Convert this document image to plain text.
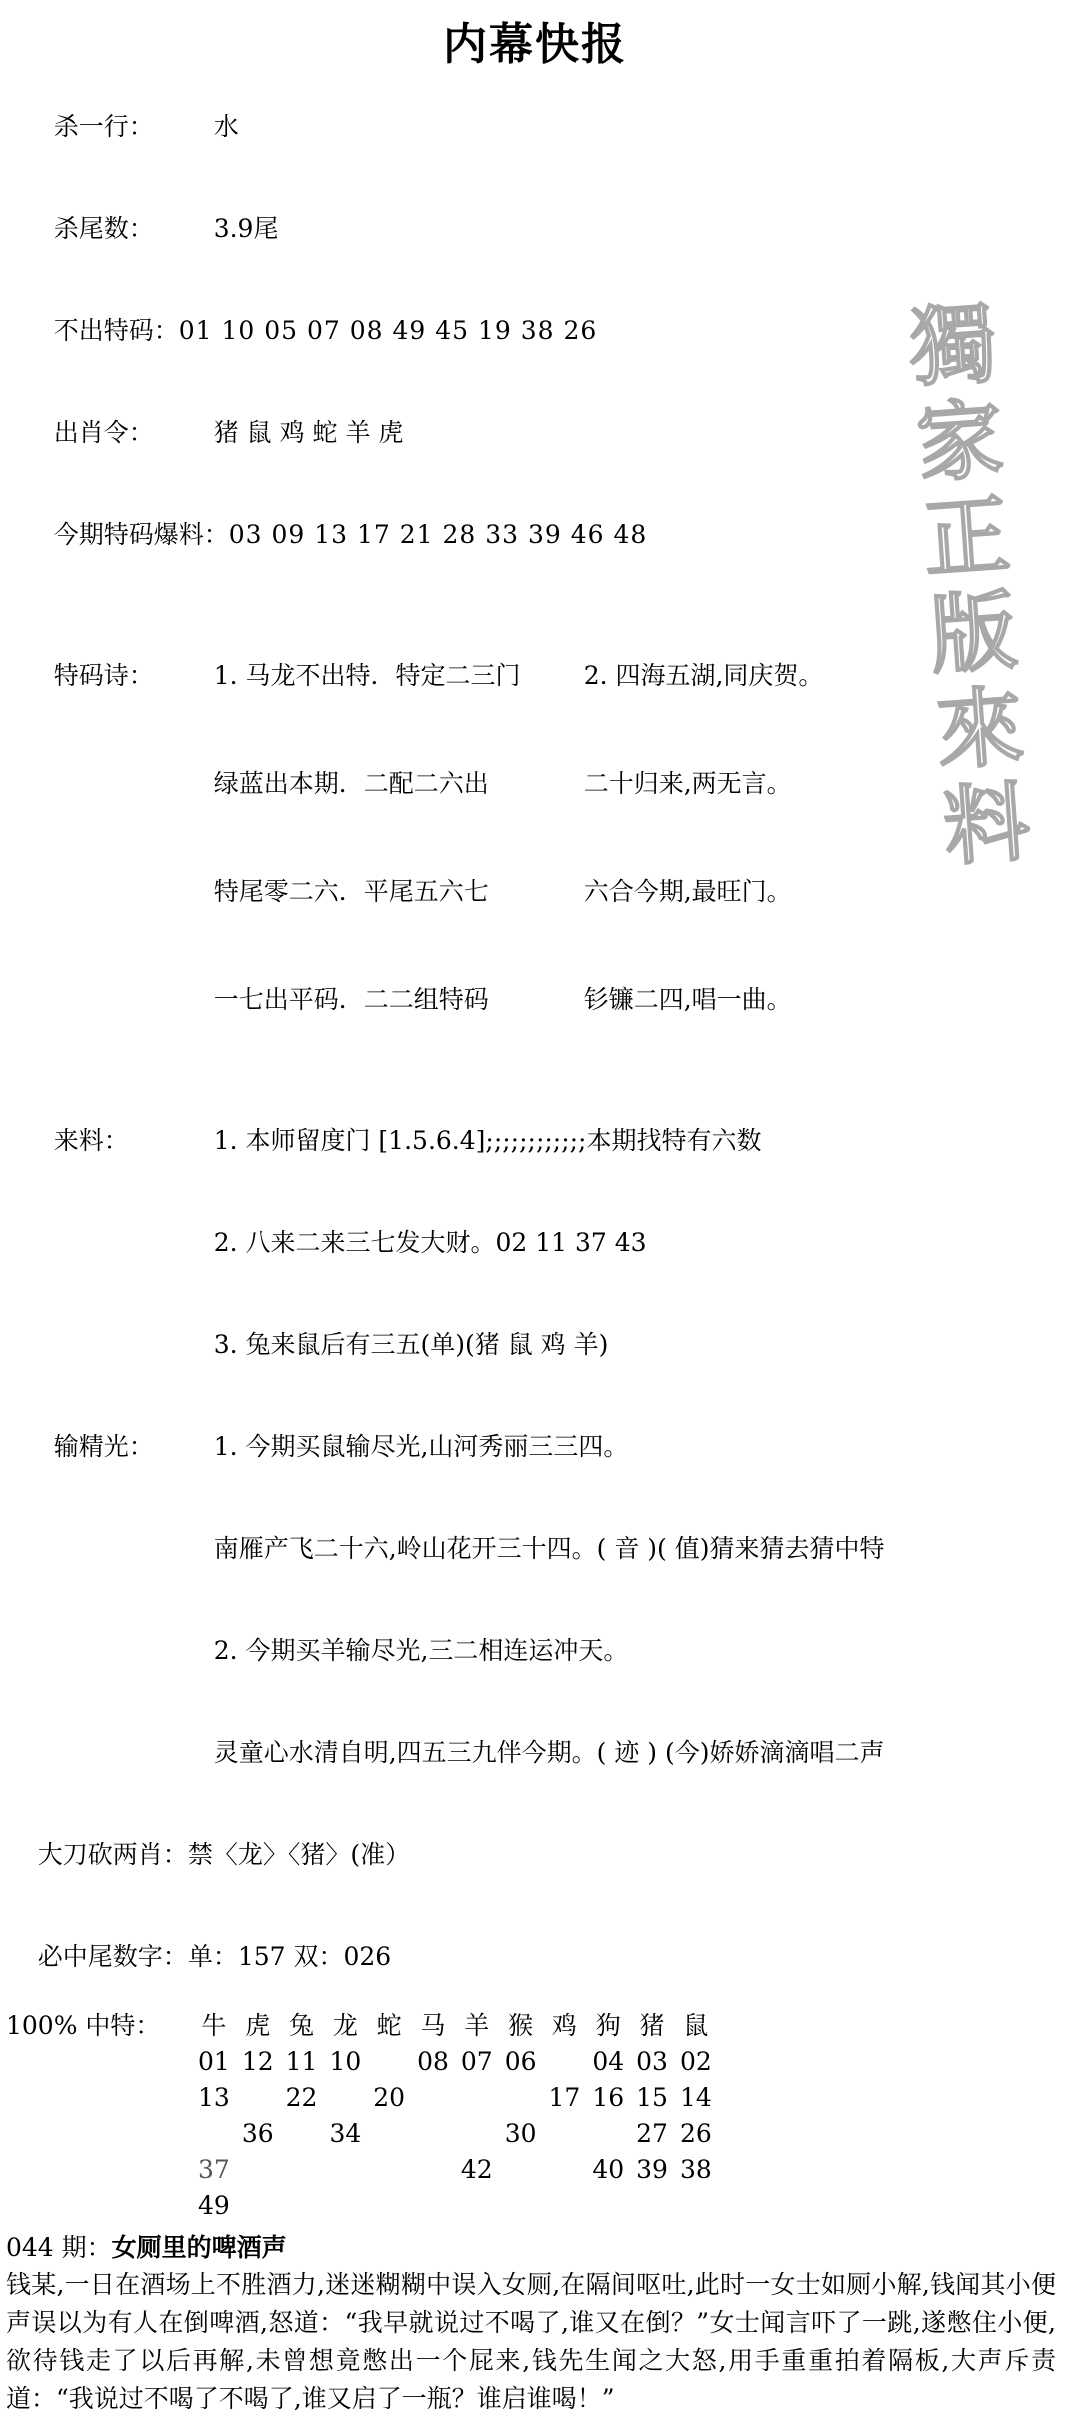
獨
家
正
版
來
料
内幕快报

杀一行： 水

杀尾数： 3.9尾

不出特码：01 10 05 07 08 49 45 19 38 26

出肖令： 猪 鼠 鸡 蛇 羊 虎

今期特码爆料：03 09 13 17 21 28 33 39 46 48

特码诗： 1. 马龙不出特．特定二三门	2. 四海五湖,同庆贺。

绿蓝出本期．二配二六出	二十归来,两无言。

特尾零二六．平尾五六七	六合今期,最旺门。

一七出平码．二二组特码	钐镰二四,唱一曲。

来料：	1. 本师留度门 [1.5.6.4];;;;;;;;;;;;本期找特有六数

2. 八来二来三七发大财。02 11 37 43

3. 兔来鼠后有三五(单)(猪 鼠 鸡 羊)

输精光： 1. 今期买鼠输尽光,山河秀丽三三四。

南雁产飞二十六,岭山花开三十四。( 音 )( 值)猜来猜去猜中特

2. 今期买羊输尽光,三二相连运冲天。

灵童心水清自明,四五三九伴今期。( 迹 ) (今)娇娇滴滴唱二声

大刀砍两肖：禁〈龙〉〈猪〉(准）

必中尾数字：单：157 双：026

100% 中特：	牛	虎	兔	龙	蛇	马	羊	猴	鸡	狗	猪	鼠
	01	12	11	10		08	07	06		04	03	02
	13		22		20				17	16	15	14
		36		34				30			27	26
	37						42			40	39	38
	49											
044 期：女厕里的啤酒声
钱某,一日在酒场上不胜酒力,迷迷糊糊中误入女厕,在隔间呕吐,此时一女士如厕小解,钱闻其小便声误以为有人在倒啤酒,怒道：“我早就说过不喝了,谁又在倒？”女士闻言吓了一跳,遂憋住小便,欲待钱走了以后再解,未曾想竟憋出一个屁来,钱先生闻之大怒,用手重重拍着隔板,大声斥责道：“我说过不喝了不喝了,谁又启了一瓶？谁启谁喝！”
